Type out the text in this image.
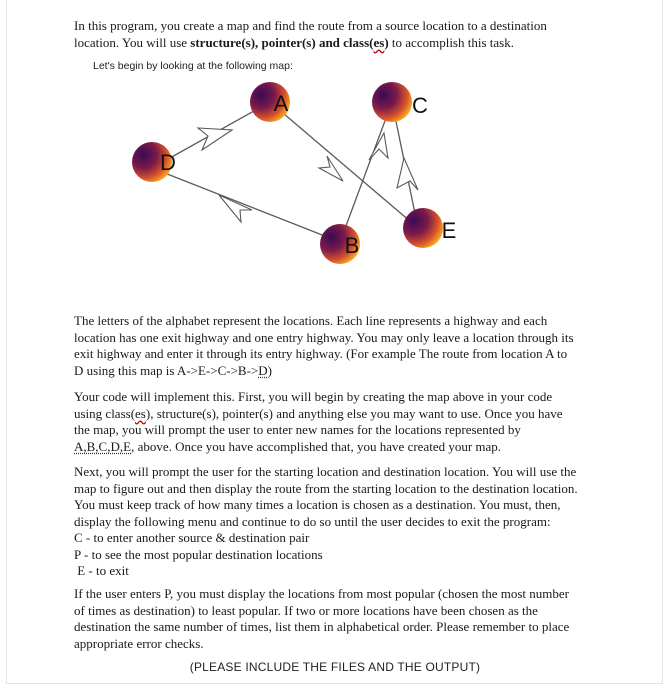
In this program, you create a map and find the route from a source location to a destination
location. You will use structure(s), pointer(s) and class(es) to accomplish this task.

Let's begin by looking at the following map:
A	C
D
E
B

The letters of the alphabet represent the locations. Each line represents a highway and each
location has one exit highway and one entry highway. You may only leave a location through its
exit highway and enter it through its entry highway. (For example The route from location A to
D using this map is A->E->C->B->D)

Your code will implement this. First, you will begin by creating the map above in your code
using class(es), structure(s), pointer(s) and anything else you may want to use. Once you have
the map, you will prompt the user to enter new names for the locations represented by
A,B,C,D,E, above. Once you have accomplished that, you have created your map.

Next, you will prompt the user for the starting location and destination location. You will use the
map to figure out and then display the route from the starting location to the destination location.
You must keep track of how many times a location is chosen as a destination. You must, then,
display the following menu and continue to do so until the user decides to exit the program:
C - to enter another source & destination pair
P - to see the most popular destination locations
E - to exit

If the user enters P, you must display the locations from most popular (chosen the most number
of times as destination) to least popular. If two or more locations have been chosen as the
destination the same number of times, list them in alphabetical order. Please remember to place
appropriate error checks.

(PLEASE INCLUDE THE FILES AND THE OUTPUT)
